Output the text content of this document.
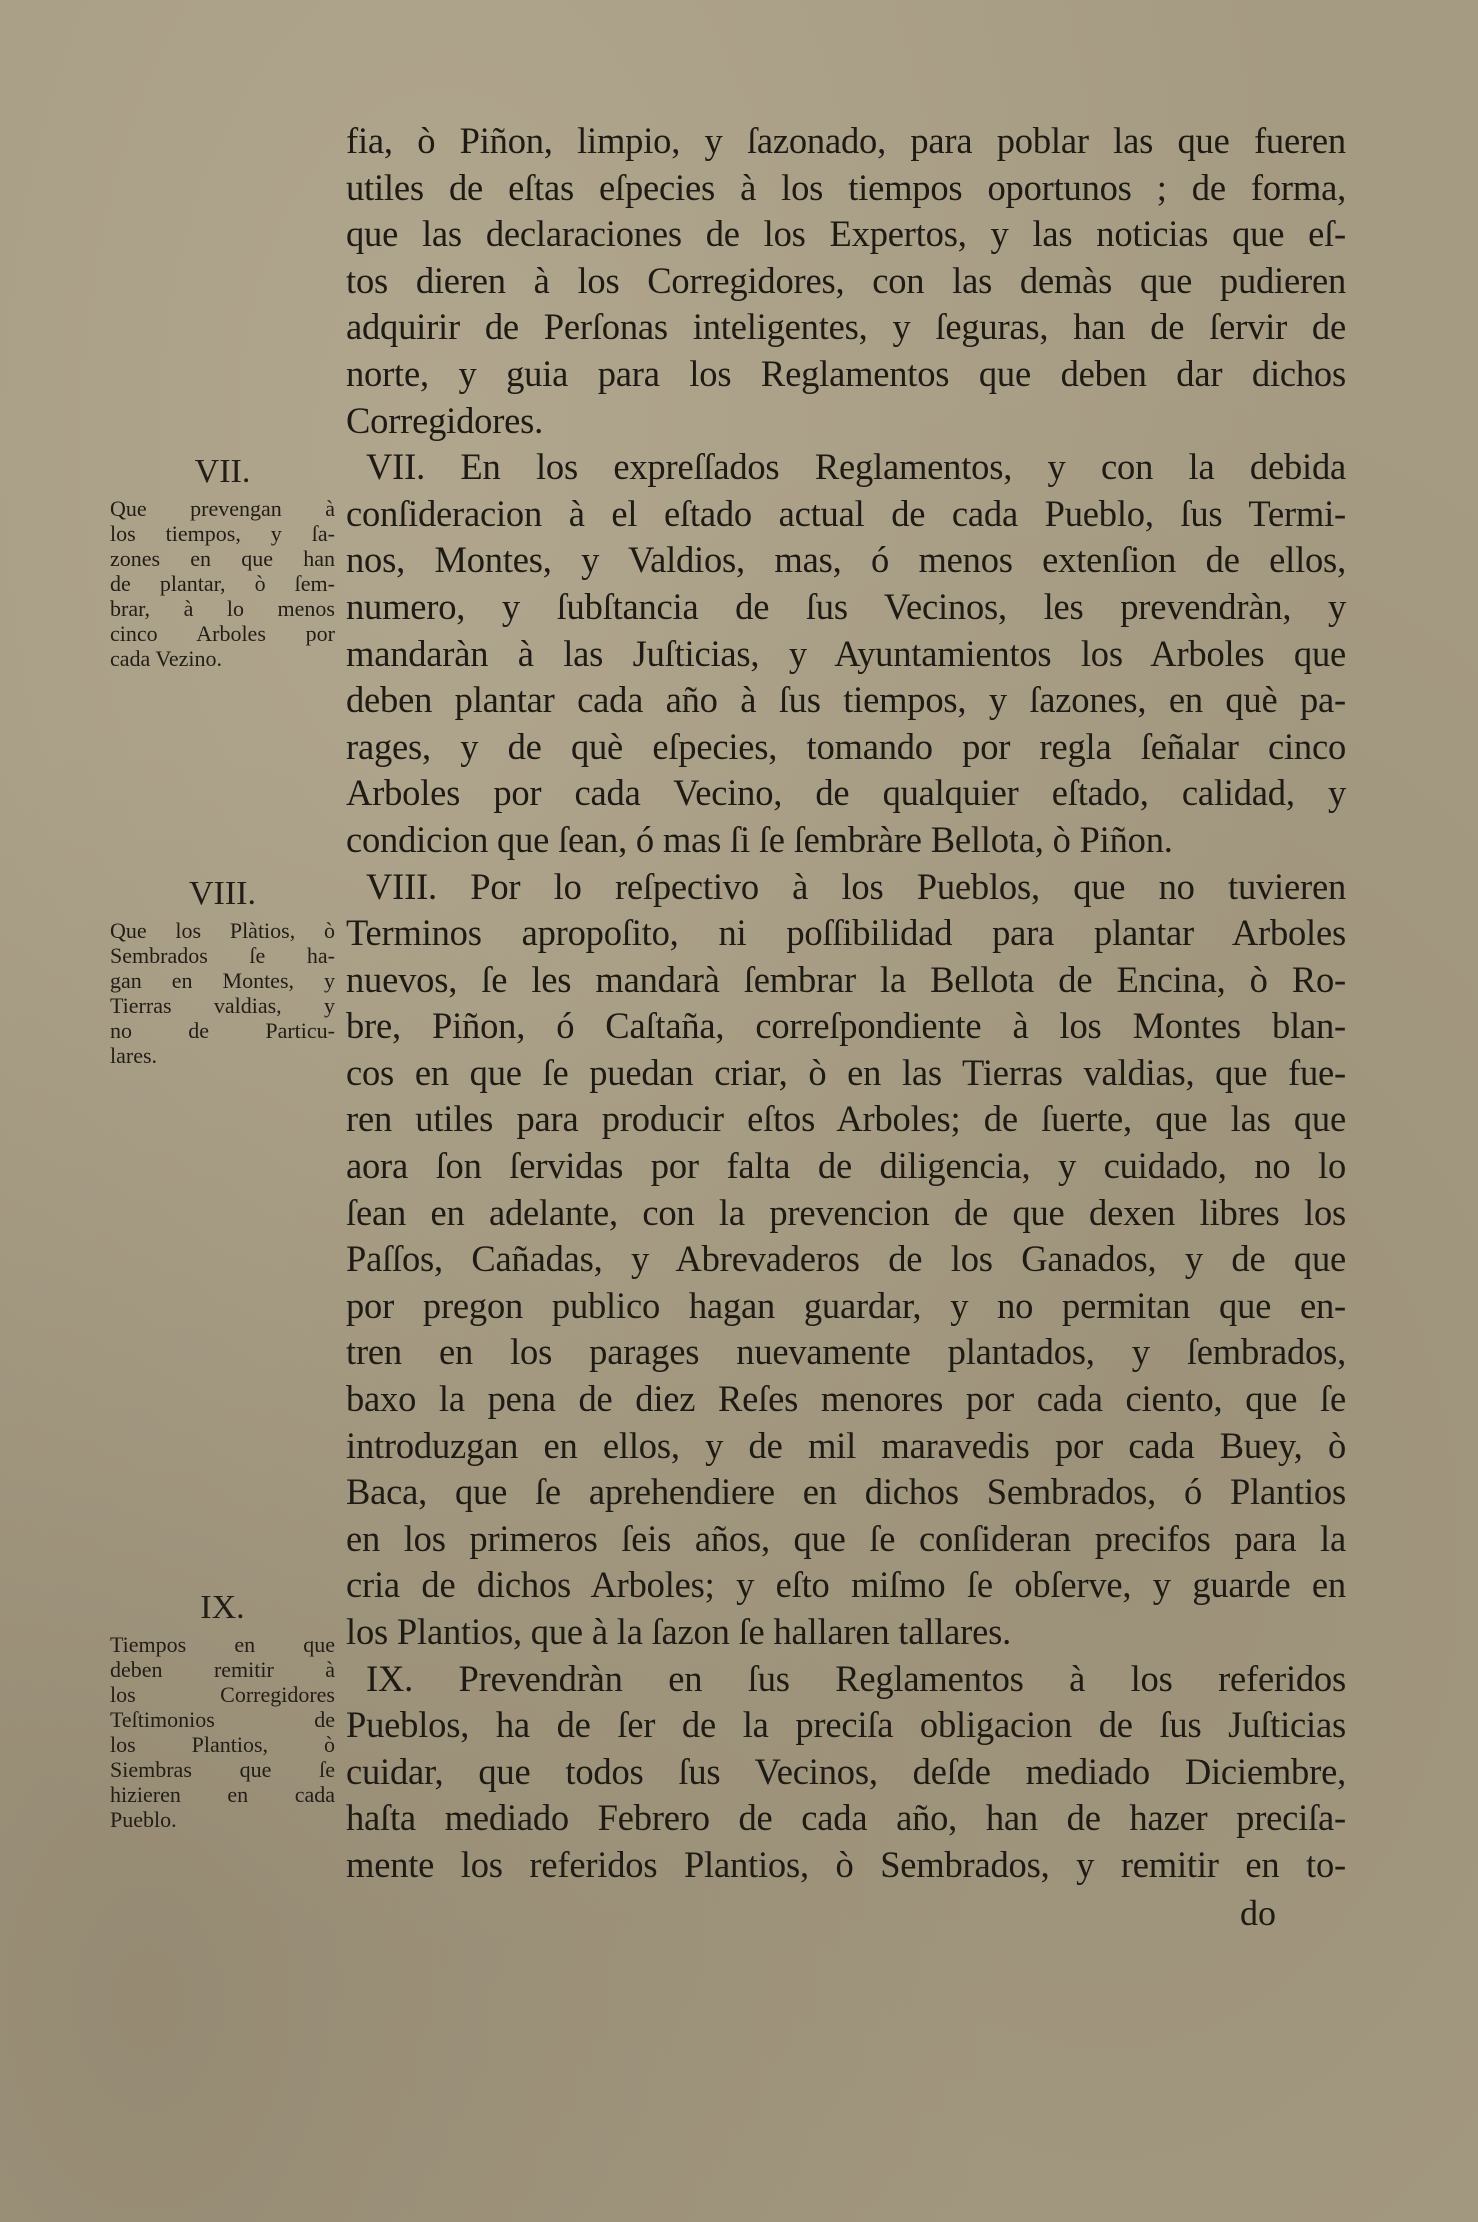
fia, ò Piñon, limpio, y ſazonado, para poblar las que fueren
utiles de eſtas eſpecies à los tiempos oportunos ; de forma,
que las declaraciones de los Expertos, y las noticias que eſ-
tos dieren à los Corregidores, con las demàs que pudieren
adquirir de Perſonas inteligentes, y ſeguras, han de ſervir de
norte, y guia para los Reglamentos que deben dar dichos
Corregidores.
VII. En los expreſſados Reglamentos, y con la debida
conſideracion à el eſtado actual de cada Pueblo, ſus Termi-
nos, Montes, y Valdios, mas, ó menos extenſion de ellos,
numero, y ſubſtancia de ſus Vecinos, les prevendràn, y
mandaràn à las Juſticias, y Ayuntamientos los Arboles que
deben plantar cada año à ſus tiempos, y ſazones, en què pa-
rages, y de què eſpecies, tomando por regla ſeñalar cinco
Arboles por cada Vecino, de qualquier eſtado, calidad, y
condicion que ſean, ó mas ſi ſe ſembràre Bellota, ò Piñon.
VIII. Por lo reſpectivo à los Pueblos, que no tuvieren
Terminos apropoſito, ni poſſibilidad para plantar Arboles
nuevos, ſe les mandarà ſembrar la Bellota de Encina, ò Ro-
bre, Piñon, ó Caſtaña, correſpondiente à los Montes blan-
cos en que ſe puedan criar, ò en las Tierras valdias, que fue-
ren utiles para producir eſtos Arboles; de ſuerte, que las que
aora ſon ſervidas por falta de diligencia, y cuidado, no lo
ſean en adelante, con la prevencion de que dexen libres los
Paſſos, Cañadas, y Abrevaderos de los Ganados, y de que
por pregon publico hagan guardar, y no permitan que en-
tren en los parages nuevamente plantados, y ſembrados,
baxo la pena de diez Reſes menores por cada ciento, que ſe
introduzgan en ellos, y de mil maravedis por cada Buey, ò
Baca, que ſe aprehendiere en dichos Sembrados, ó Plantios
en los primeros ſeis años, que ſe conſideran precifos para la
cria de dichos Arboles; y eſto miſmo ſe obſerve, y guarde en
los Plantios, que à la ſazon ſe hallaren tallares.
IX. Prevendràn en ſus Reglamentos à los referidos
Pueblos, ha de ſer de la preciſa obligacion de ſus Juſticias
cuidar, que todos ſus Vecinos, deſde mediado Diciembre,
haſta mediado Febrero de cada año, han de hazer preciſa-
mente los referidos Plantios, ò Sembrados, y remitir en to-
do
VII.
Que prevengan à
los tiempos, y ſa-
zones en que han
de plantar, ò ſem-
brar, à lo menos
cinco Arboles por
cada Vezino.
VIII.
Que los Plàtios, ò
Sembrados ſe ha-
gan en Montes, y
Tierras valdias, y
no de Particu-
lares.
IX.
Tiempos en que
deben remitir à
los Corregidores
Teſtimonios de
los Plantios, ò
Siembras que ſe
hizieren en cada
Pueblo.
